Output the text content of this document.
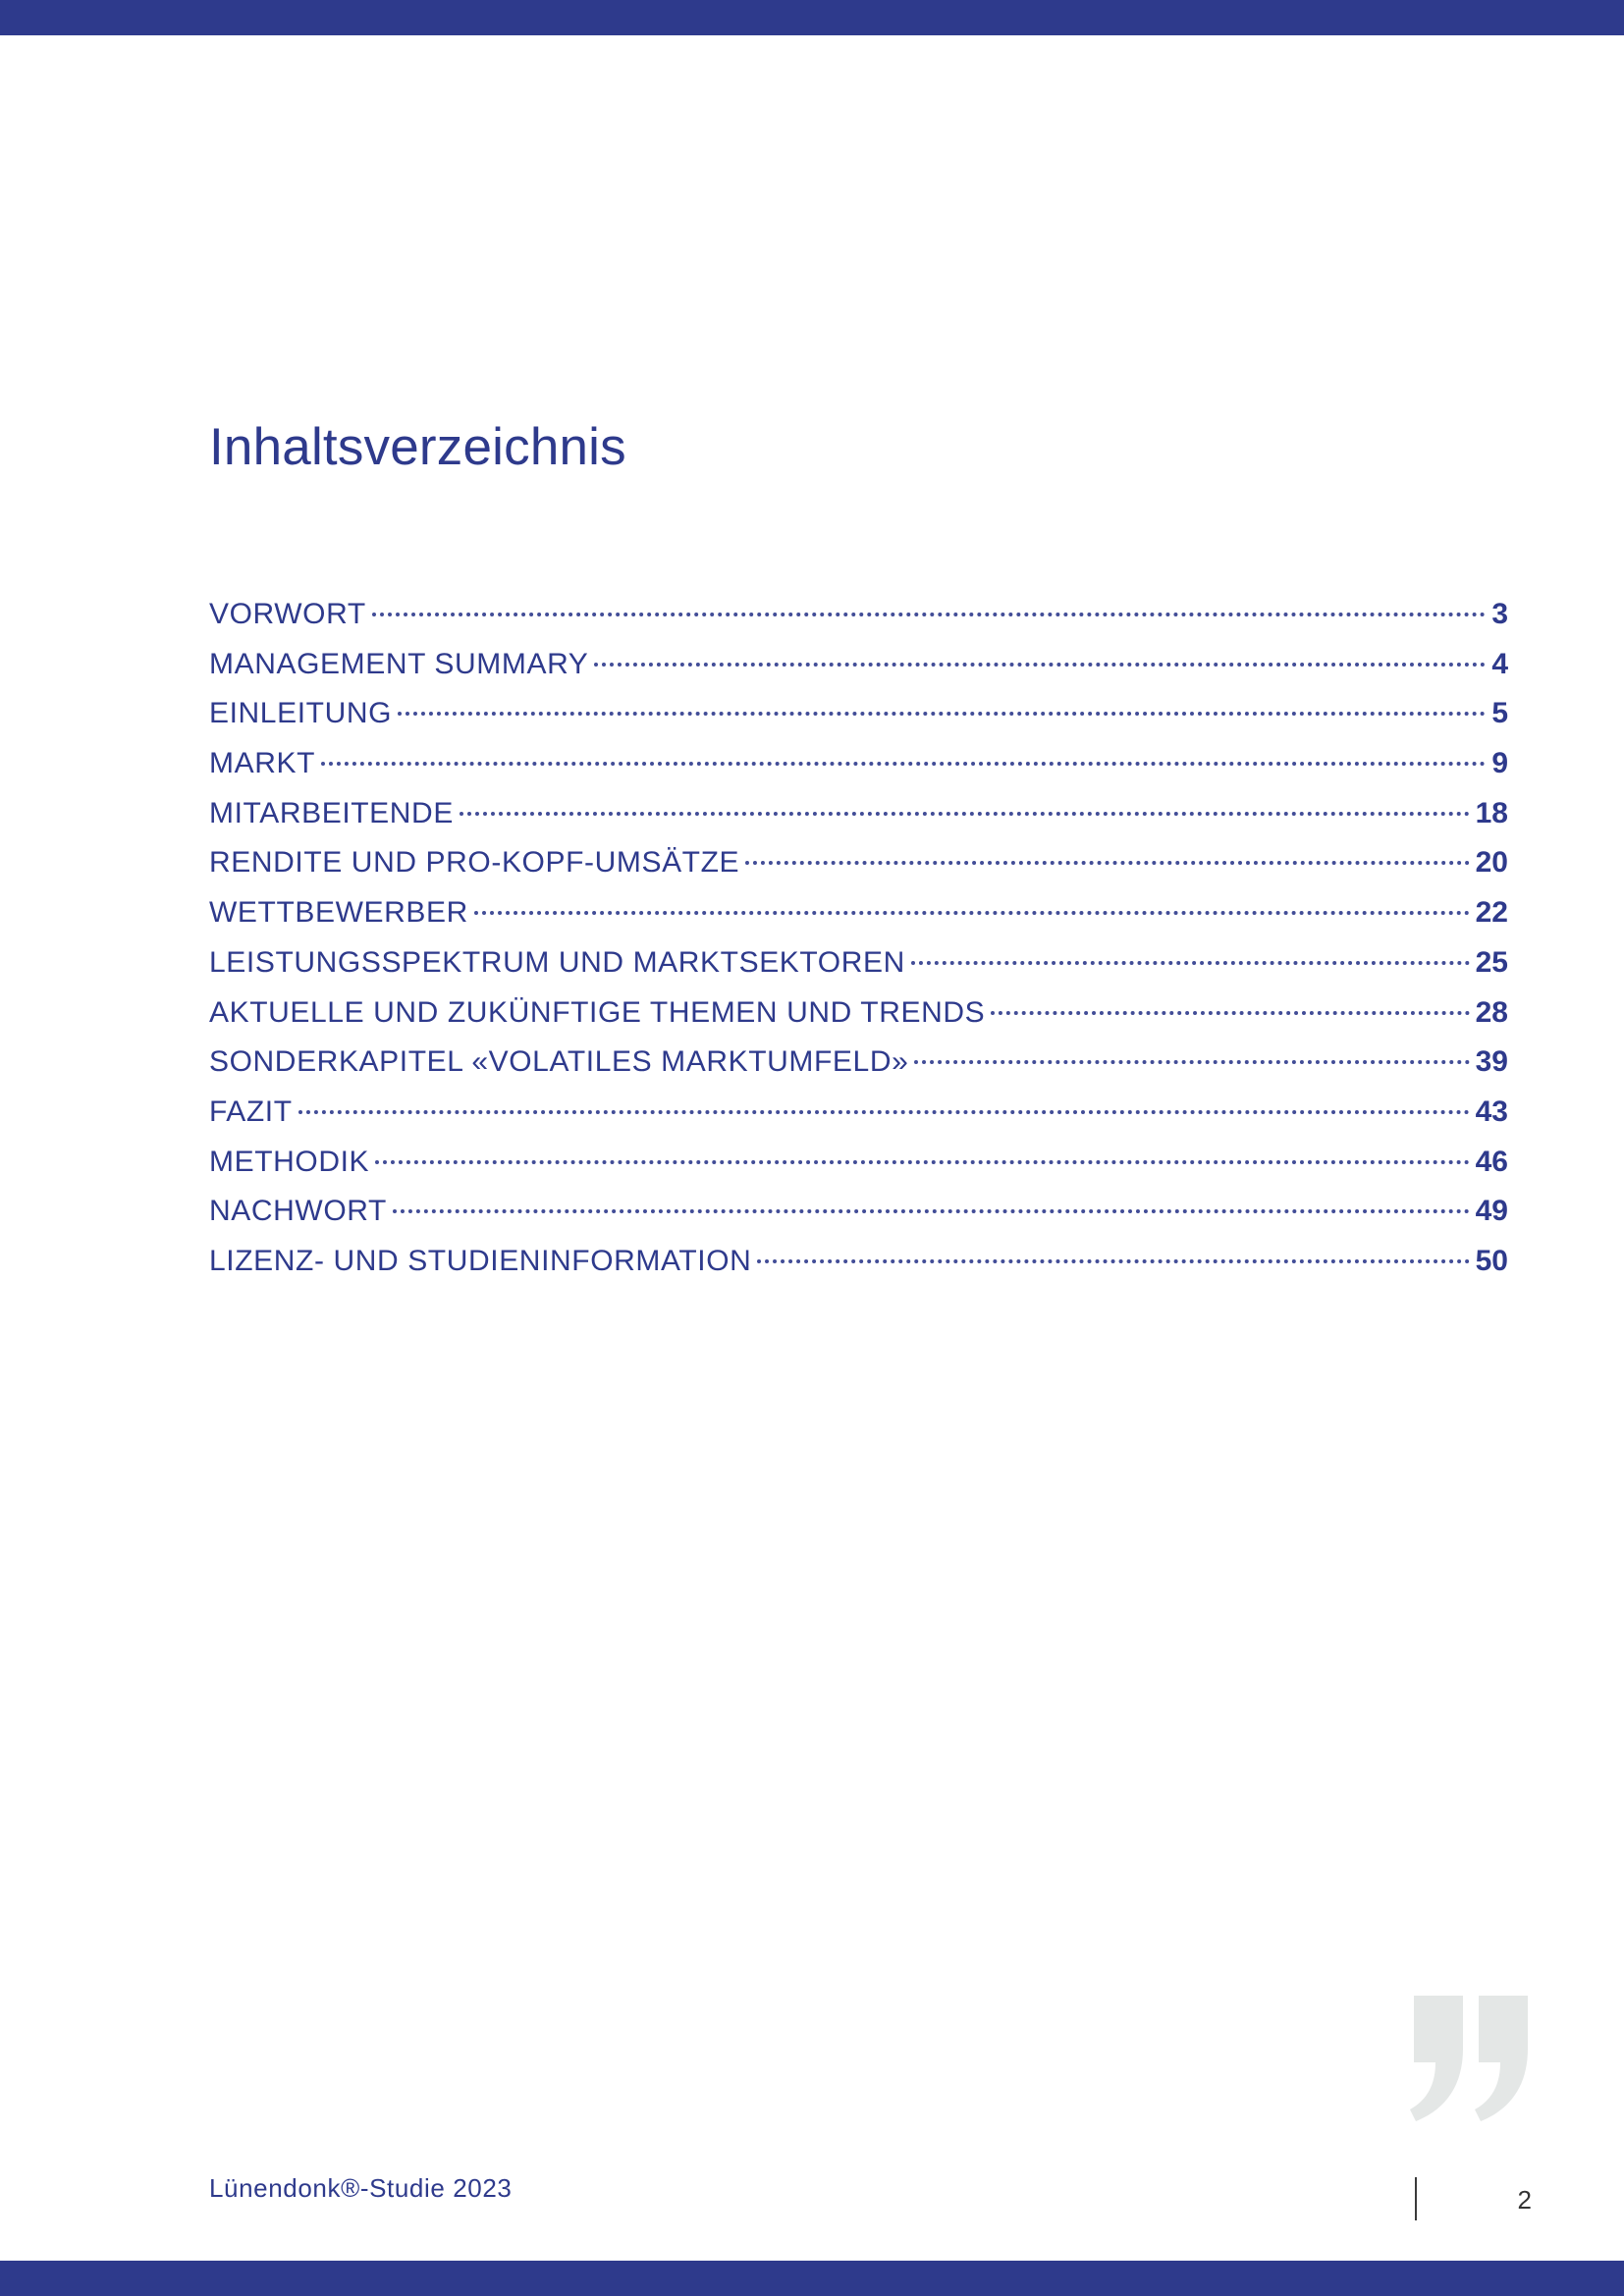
Inhaltsverzeichnis
VORWORT	3
MANAGEMENT SUMMARY	4
EINLEITUNG	5
MARKT	9
MITARBEITENDE	18
RENDITE UND PRO-KOPF-UMSÄTZE	20
WETTBEWERBER	22
LEISTUNGSSPEKTRUM UND MARKTSEKTOREN	25
AKTUELLE UND ZUKÜNFTIGE THEMEN UND TRENDS	28
SONDERKAPITEL «VOLATILES MARKTUMFELD»	39
FAZIT	43
METHODIK	46
NACHWORT	49
LIZENZ- UND STUDIENINFORMATION	50
Lünendonk®-Studie 2023	2
